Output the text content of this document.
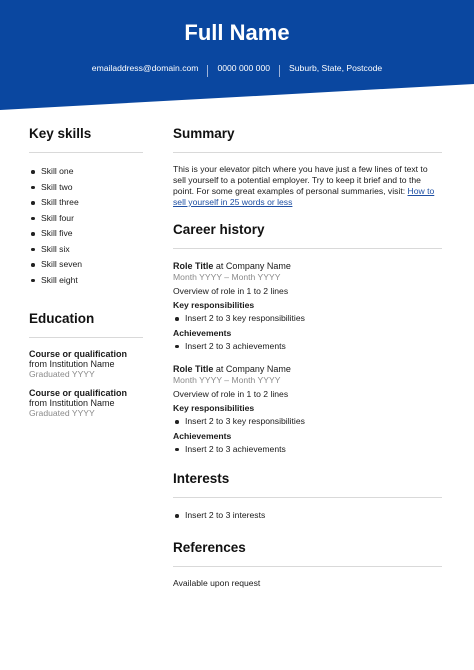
Full Name
emailaddress@domain.com 0000 000 000 Suburb, State, Postcode
Key skills
Skill one
Skill two
Skill three
Skill four
Skill five
Skill six
Skill seven
Skill eight
Education
Course or qualification
from Institution Name
Graduated YYYY
Course or qualification
from Institution Name
Graduated YYYY
Summary
This is your elevator pitch where you have just a few lines of text to sell yourself to a potential employer. Try to keep it brief and to the point. For some great examples of personal summaries, visit: How to sell yourself in 25 words or less
Career history
Role Title at Company Name
Month YYYY – Month YYYY
Overview of role in 1 to 2 lines
Key responsibilities
Insert 2 to 3 key responsibilities
Achievements
Insert 2 to 3 achievements
Role Title at Company Name
Month YYYY – Month YYYY
Overview of role in 1 to 2 lines
Key responsibilities
Insert 2 to 3 key responsibilities
Achievements
Insert 2 to 3 achievements
Interests
Insert 2 to 3 interests
References
Available upon request
